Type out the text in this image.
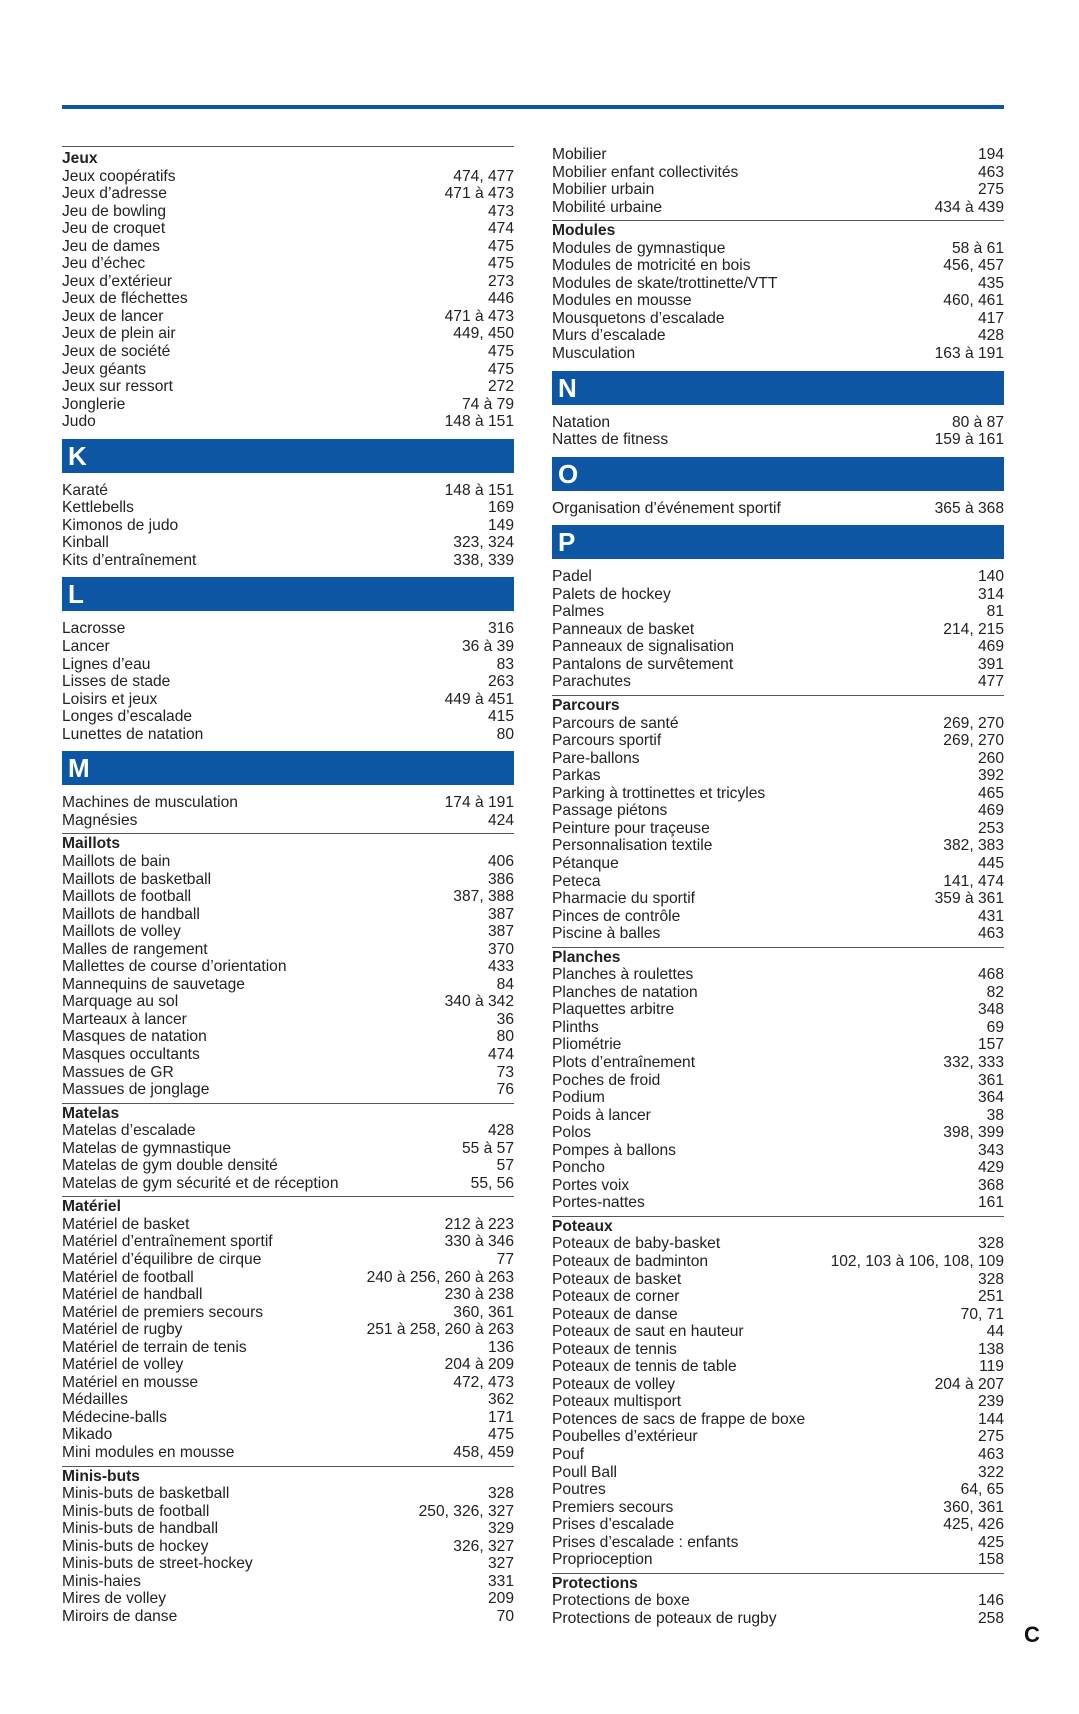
Jeux
Jeux coopératifs	474, 477
Jeux d’adresse	471 à 473
Jeu de bowling	473
Jeu de croquet	474
Jeu de dames	475
Jeu d’échec	475
Jeux d’extérieur	273
Jeux de fléchettes	446
Jeux de lancer	471 à 473
Jeux de plein air	449, 450
Jeux de société	475
Jeux géants	475
Jeux sur ressort	272
Jonglerie	74 à 79
Judo	148 à 151
K
Karaté	148 à 151
Kettlebells	169
Kimonos de judo	149
Kinball	323, 324
Kits d’entraînement	338, 339
L
Lacrosse	316
Lancer	36 à 39
Lignes d’eau	83
Lisses de stade	263
Loisirs et jeux	449 à 451
Longes d’escalade	415
Lunettes de natation	80
M
Machines de musculation	174 à 191
Magnésies	424
Maillots
Maillots de bain	406
Maillots de basketball	386
Maillots de football	387, 388
Maillots de handball	387
Maillots de volley	387
Malles de rangement	370
Mallettes de course d’orientation	433
Mannequins de sauvetage	84
Marquage au sol	340 à 342
Marteaux à lancer	36
Masques de natation	80
Masques occultants	474
Massues de GR	73
Massues de jonglage	76
Matelas
Matelas d’escalade	428
Matelas de gymnastique	55 à 57
Matelas de gym double densité	57
Matelas de gym sécurité et de réception	55, 56
Matériel
Matériel de basket	212 à 223
Matériel d’entraînement sportif	330 à 346
Matériel d’équilibre de cirque	77
Matériel de football	240 à 256, 260 à 263
Matériel de handball	230 à 238
Matériel de premiers secours	360, 361
Matériel de rugby	251 à 258, 260 à 263
Matériel de terrain de tenis	136
Matériel de volley	204 à 209
Matériel en mousse	472, 473
Médailles	362
Médecine-balls	171
Mikado	475
Mini modules en mousse	458, 459
Minis-buts
Minis-buts de basketball	328
Minis-buts de football	250, 326, 327
Minis-buts de handball	329
Minis-buts de hockey	326, 327
Minis-buts de street-hockey	327
Minis-haies	331
Mires de volley	209
Miroirs de danse	70
Mobilier	194
Mobilier enfant collectivités	463
Mobilier urbain	275
Mobilité urbaine	434 à 439
Modules
Modules de gymnastique	58 à 61
Modules de motricité en bois	456, 457
Modules de skate/trottinette/VTT	435
Modules en mousse	460, 461
Mousquetons d’escalade	417
Murs d’escalade	428
Musculation	163 à 191
N
Natation	80 à 87
Nattes de fitness	159 à 161
O
Organisation d’événement sportif	365 à 368
P
Padel	140
Palets de hockey	314
Palmes	81
Panneaux de basket	214, 215
Panneaux de signalisation	469
Pantalons de survêtement	391
Parachutes	477
Parcours
Parcours de santé	269, 270
Parcours sportif	269, 270
Pare-ballons	260
Parkas	392
Parking à trottinettes et tricyles	465
Passage piétons	469
Peinture pour traçeuse	253
Personnalisation textile	382, 383
Pétanque	445
Peteca	141, 474
Pharmacie du sportif	359 à 361
Pinces de contrôle	431
Piscine à balles	463
Planches
Planches à roulettes	468
Planches de natation	82
Plaquettes arbitre	348
Plinths	69
Pliométrie	157
Plots d’entraînement	332, 333
Poches de froid	361
Podium	364
Poids à lancer	38
Polos	398, 399
Pompes à ballons	343
Poncho	429
Portes voix	368
Portes-nattes	161
Poteaux
Poteaux de baby-basket	328
Poteaux de badminton	102, 103 à 106, 108, 109
Poteaux de basket	328
Poteaux de corner	251
Poteaux de danse	70, 71
Poteaux de saut en hauteur	44
Poteaux de tennis	138
Poteaux de tennis de table	119
Poteaux de volley	204 à 207
Poteaux multisport	239
Potences de sacs de frappe de boxe	144
Poubelles d’extérieur	275
Pouf	463
Poull Ball	322
Poutres	64, 65
Premiers secours	360, 361
Prises d’escalade	425, 426
Prises d’escalade : enfants	425
Proprioception	158
Protections
Protections de boxe	146
Protections de poteaux de rugby	258
C
